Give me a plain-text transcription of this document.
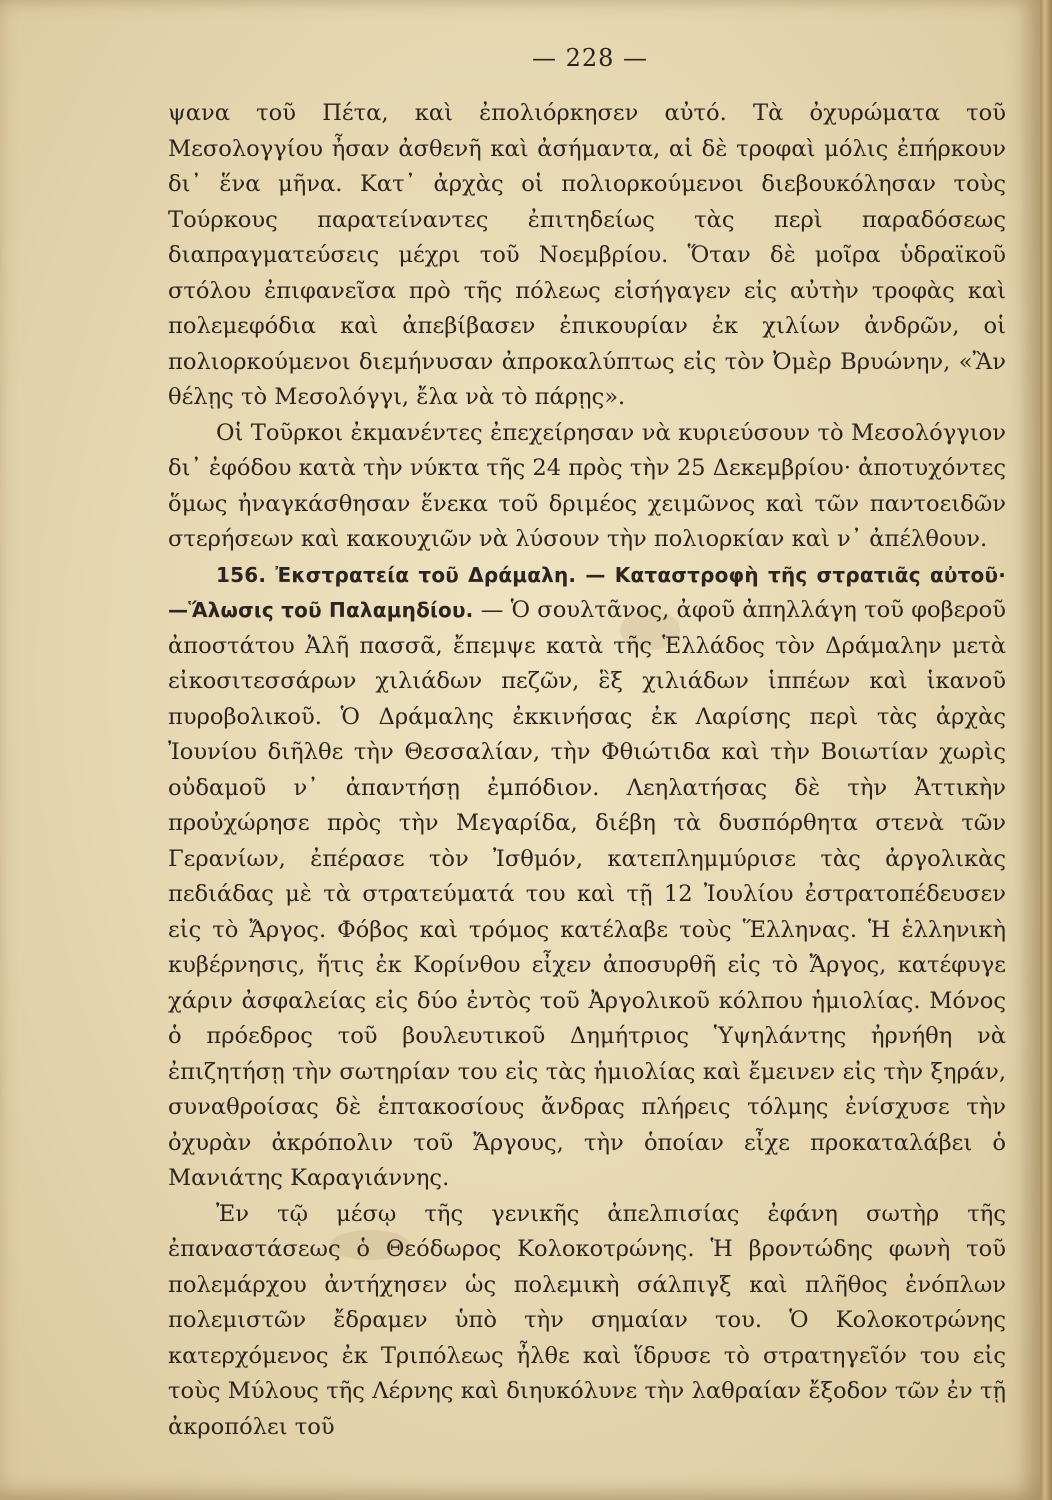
— 228 —

ψανα τοῦ Πέτα, καὶ ἐπολιόρκησεν αὐτό. Τὰ ὀχυρώματα τοῦ Μεσολογγίου ἦσαν ἀσθενῆ καὶ ἀσήμαντα, αἱ δὲ τροφαὶ μόλις ἐπήρκουν δι᾽ ἕνα μῆνα. Κατ᾽ ἀρχὰς οἱ πολιορκούμενοι διεβουκόλησαν τοὺς Τούρκους παρατείναντες ἐπιτηδείως τὰς περὶ παραδόσεως διαπραγματεύσεις μέχρι τοῦ Νοεμβρίου. Ὅταν δὲ μοῖρα ὑδραϊκοῦ στόλου ἐπιφανεῖσα πρὸ τῆς πόλεως εἰσήγαγεν εἰς αὐτὴν τροφὰς καὶ πολεμεφόδια καὶ ἀπεβίβασεν ἐπικουρίαν ἐκ χιλίων ἀνδρῶν, οἱ πολιορκούμενοι διεμήνυσαν ἀπροκαλύπτως εἰς τὸν Ὀμὲρ Βρυώνην, «Ἂν θέλῃς τὸ Μεσολόγγι, ἔλα νὰ τὸ πάρῃς».

Οἱ Τοῦρκοι ἐκμανέντες ἐπεχείρησαν νὰ κυριεύσουν τὸ Μεσολόγγιον δι᾽ ἐφόδου κατὰ τὴν νύκτα τῆς 24 πρὸς τὴν 25 Δεκεμβρίου· ἀποτυχόντες ὅμως ἠναγκάσθησαν ἕνεκα τοῦ δριμέος χειμῶνος καὶ τῶν παντοειδῶν στερήσεων καὶ κακουχιῶν νὰ λύσουν τὴν πολιορκίαν καὶ ν᾽ ἀπέλθουν.

156. Ἐκστρατεία τοῦ Δράμαλη. — Καταστροφὴ τῆς στρατιᾶς αὐτοῦ· —Ἅλωσις τοῦ Παλαμηδίου. — Ὁ σουλτᾶνος, ἀφοῦ ἀπηλλάγη τοῦ φοβεροῦ ἀποστάτου Ἀλῆ πασσᾶ, ἔπεμψε κατὰ τῆς Ἑλλάδος τὸν Δράμαλην μετὰ εἰκοσιτεσσάρων χιλιάδων πεζῶν, ἓξ χιλιάδων ἱππέων καὶ ἱκανοῦ πυροβολικοῦ. Ὁ Δράμαλης ἐκκινήσας ἐκ Λαρίσης περὶ τὰς ἀρχὰς Ἰουνίου διῆλθε τὴν Θεσσαλίαν, τὴν Φθιώτιδα καὶ τὴν Βοιωτίαν χωρὶς οὐδαμοῦ ν᾽ ἀπαντήσῃ ἐμπόδιον. Λεηλατήσας δὲ τὴν Ἀττικὴν προὐχώρησε πρὸς τὴν Μεγαρίδα, διέβη τὰ δυσπόρθητα στενὰ τῶν Γερανίων, ἐπέρασε τὸν Ἰσθμόν, κατεπλημμύρισε τὰς ἀργολικὰς πεδιάδας μὲ τὰ στρατεύματά του καὶ τῇ 12 Ἰουλίου ἐστρατοπέδευσεν εἰς τὸ Ἄργος. Φόβος καὶ τρόμος κατέλαβε τοὺς Ἕλληνας. Ἡ ἑλληνικὴ κυβέρνησις, ἥτις ἐκ Κορίνθου εἶχεν ἀποσυρθῆ εἰς τὸ Ἄργος, κατέφυγε χάριν ἀσφαλείας εἰς δύο ἐντὸς τοῦ Ἀργολικοῦ κόλπου ἡμιολίας. Μόνος ὁ πρόεδρος τοῦ βουλευτικοῦ Δημήτριος Ὑψηλάντης ἠρνήθη νὰ ἐπιζητήσῃ τὴν σωτηρίαν του εἰς τὰς ἡμιολίας καὶ ἔμεινεν εἰς τὴν ξηράν, συναθροίσας δὲ ἑπτακοσίους ἄνδρας πλήρεις τόλμης ἐνίσχυσε τὴν ὀχυρὰν ἀκρόπολιν τοῦ Ἄργους, τὴν ὁποίαν εἶχε προκαταλάβει ὁ Μανιάτης Καραγιάννης.

Ἐν τῷ μέσῳ τῆς γενικῆς ἀπελπισίας ἐφάνη σωτὴρ τῆς ἐπαναστάσεως ὁ Θεόδωρος Κολοκοτρώνης. Ἡ βροντώδης φωνὴ τοῦ πολεμάρχου ἀντήχησεν ὡς πολεμικὴ σάλπιγξ καὶ πλῆθος ἐνόπλων πολεμιστῶν ἔδραμεν ὑπὸ τὴν σημαίαν του. Ὁ Κολοκοτρώνης κατερχόμενος ἐκ Τριπόλεως ἦλθε καὶ ἵδρυσε τὸ στρατηγεῖόν του εἰς τοὺς Μύλους τῆς Λέρνης καὶ διηυκόλυνε τὴν λαθραίαν ἔξοδον τῶν ἐν τῇ ἀκροπόλει τοῦ
